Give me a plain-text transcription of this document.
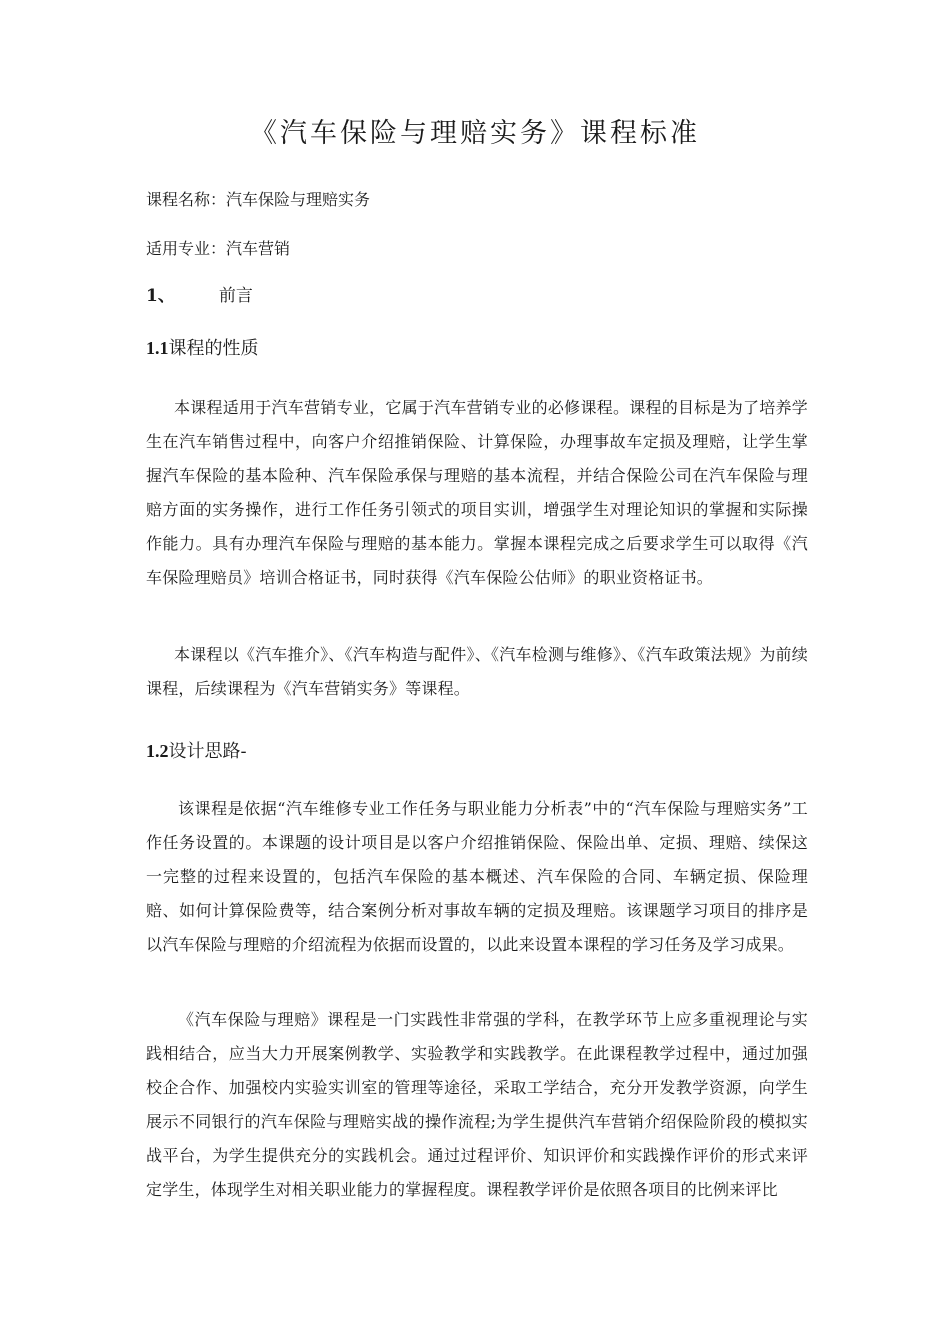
《汽车保险与理赔实务》课程标准
课程名称：汽车保险与理赔实务
适用专业：汽车营销
1、	前言
1.1课程的性质
本课程适用于汽车营销专业，它属于汽车营销专业的必修课程。课程的目标是为了培养学生在汽车销售过程中，向客户介绍推销保险、计算保险，办理事故车定损及理赔，让学生掌握汽车保险的基本险种、汽车保险承保与理赔的基本流程，并结合保险公司在汽车保险与理赔方面的实务操作，进行工作任务引领式的项目实训，增强学生对理论知识的掌握和实际操作能力。具有办理汽车保险与理赔的基本能力。掌握本课程完成之后要求学生可以取得《汽车保险理赔员》培训合格证书，同时获得《汽车保险公估师》的职业资格证书。
本课程以《汽车推介》、《汽车构造与配件》、《汽车检测与维修》、《汽车政策法规》为前续课程，后续课程为《汽车营销实务》等课程。
1.2设计思路-
该课程是依据“汽车维修专业工作任务与职业能力分析表”中的“汽车保险与理赔实务”工作任务设置的。本课题的设计项目是以客户介绍推销保险、保险出单、定损、理赔、续保这一完整的过程来设置的，包括汽车保险的基本概述、汽车保险的合同、车辆定损、保险理赔、如何计算保险费等，结合案例分析对事故车辆的定损及理赔。该课题学习项目的排序是以汽车保险与理赔的介绍流程为依据而设置的，以此来设置本课程的学习任务及学习成果。
《汽车保险与理赔》课程是一门实践性非常强的学科，在教学环节上应多重视理论与实践相结合，应当大力开展案例教学、实验教学和实践教学。在此课程教学过程中，通过加强校企合作、加强校内实验实训室的管理等途径，采取工学结合，充分开发教学资源，向学生展示不同银行的汽车保险与理赔实战的操作流程;为学生提供汽车营销介绍保险阶段的模拟实战平台，为学生提供充分的实践机会。通过过程评价、知识评价和实践操作评价的形式来评定学生，体现学生对相关职业能力的掌握程度。课程教学评价是依照各项目的比例来评比
